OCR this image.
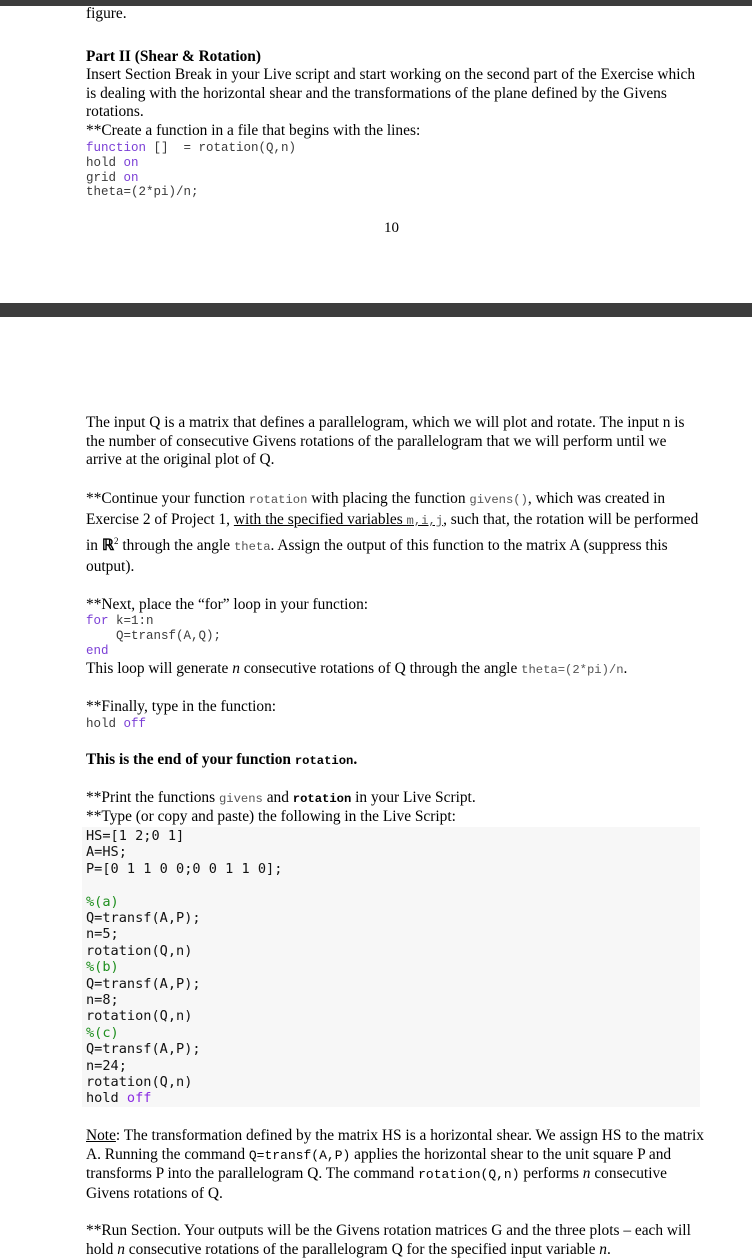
figure.

Part II (Shear & Rotation)

Insert Section Break in your Live script and start working on the second part of the Exercise which is dealing with the horizontal shear and the transformations of the plane defined by the Givens rotations.

**Create a function in a file that begins with the lines:

function []  = rotation(Q,n)
hold on
grid on
theta=(2*pi)/n;
10

The input Q is a matrix that defines a parallelogram, which we will plot and rotate. The input n is the number of consecutive Givens rotations of the parallelogram that we will perform until we arrive at the original plot of Q.

**Continue your function rotation with placing the function givens(), which was created in Exercise 2 of Project 1, with the specified variables m,i,j, such that, the rotation will be performed in ℝ$^2$ through the angle theta. Assign the output of this function to the matrix A (suppress this output).

**Next, place the “for” loop in your function:

for k=1:n
Q=transf(A,Q);
end

This loop will generate n consecutive rotations of Q through the angle theta=(2*pi)/n.

**Finally, type in the function:

hold off

This is the end of your function rotation.

**Print the functions givens and rotation in your Live Script.

**Type (or copy and paste) the following in the Live Script:

HS=[1 2;0 1]
A=HS;
P=[0 1 1 0 0;0 0 1 1 0];

%(a)
Q=transf(A,P);
n=5;
rotation(Q,n)
%(b)
Q=transf(A,P);
n=8;
rotation(Q,n)
%(c)
Q=transf(A,P);
n=24;
rotation(Q,n)
hold off

Note: The transformation defined by the matrix HS is a horizontal shear. We assign HS to the matrix A. Running the command Q=transf(A,P) applies the horizontal shear to the unit square P and transforms P into the parallelogram Q. The command rotation(Q,n) performs n consecutive Givens rotations of Q.

**Run Section. Your outputs will be the Givens rotation matrices G and the three plots – each will hold n consecutive rotations of the parallelogram Q for the specified input variable n.
